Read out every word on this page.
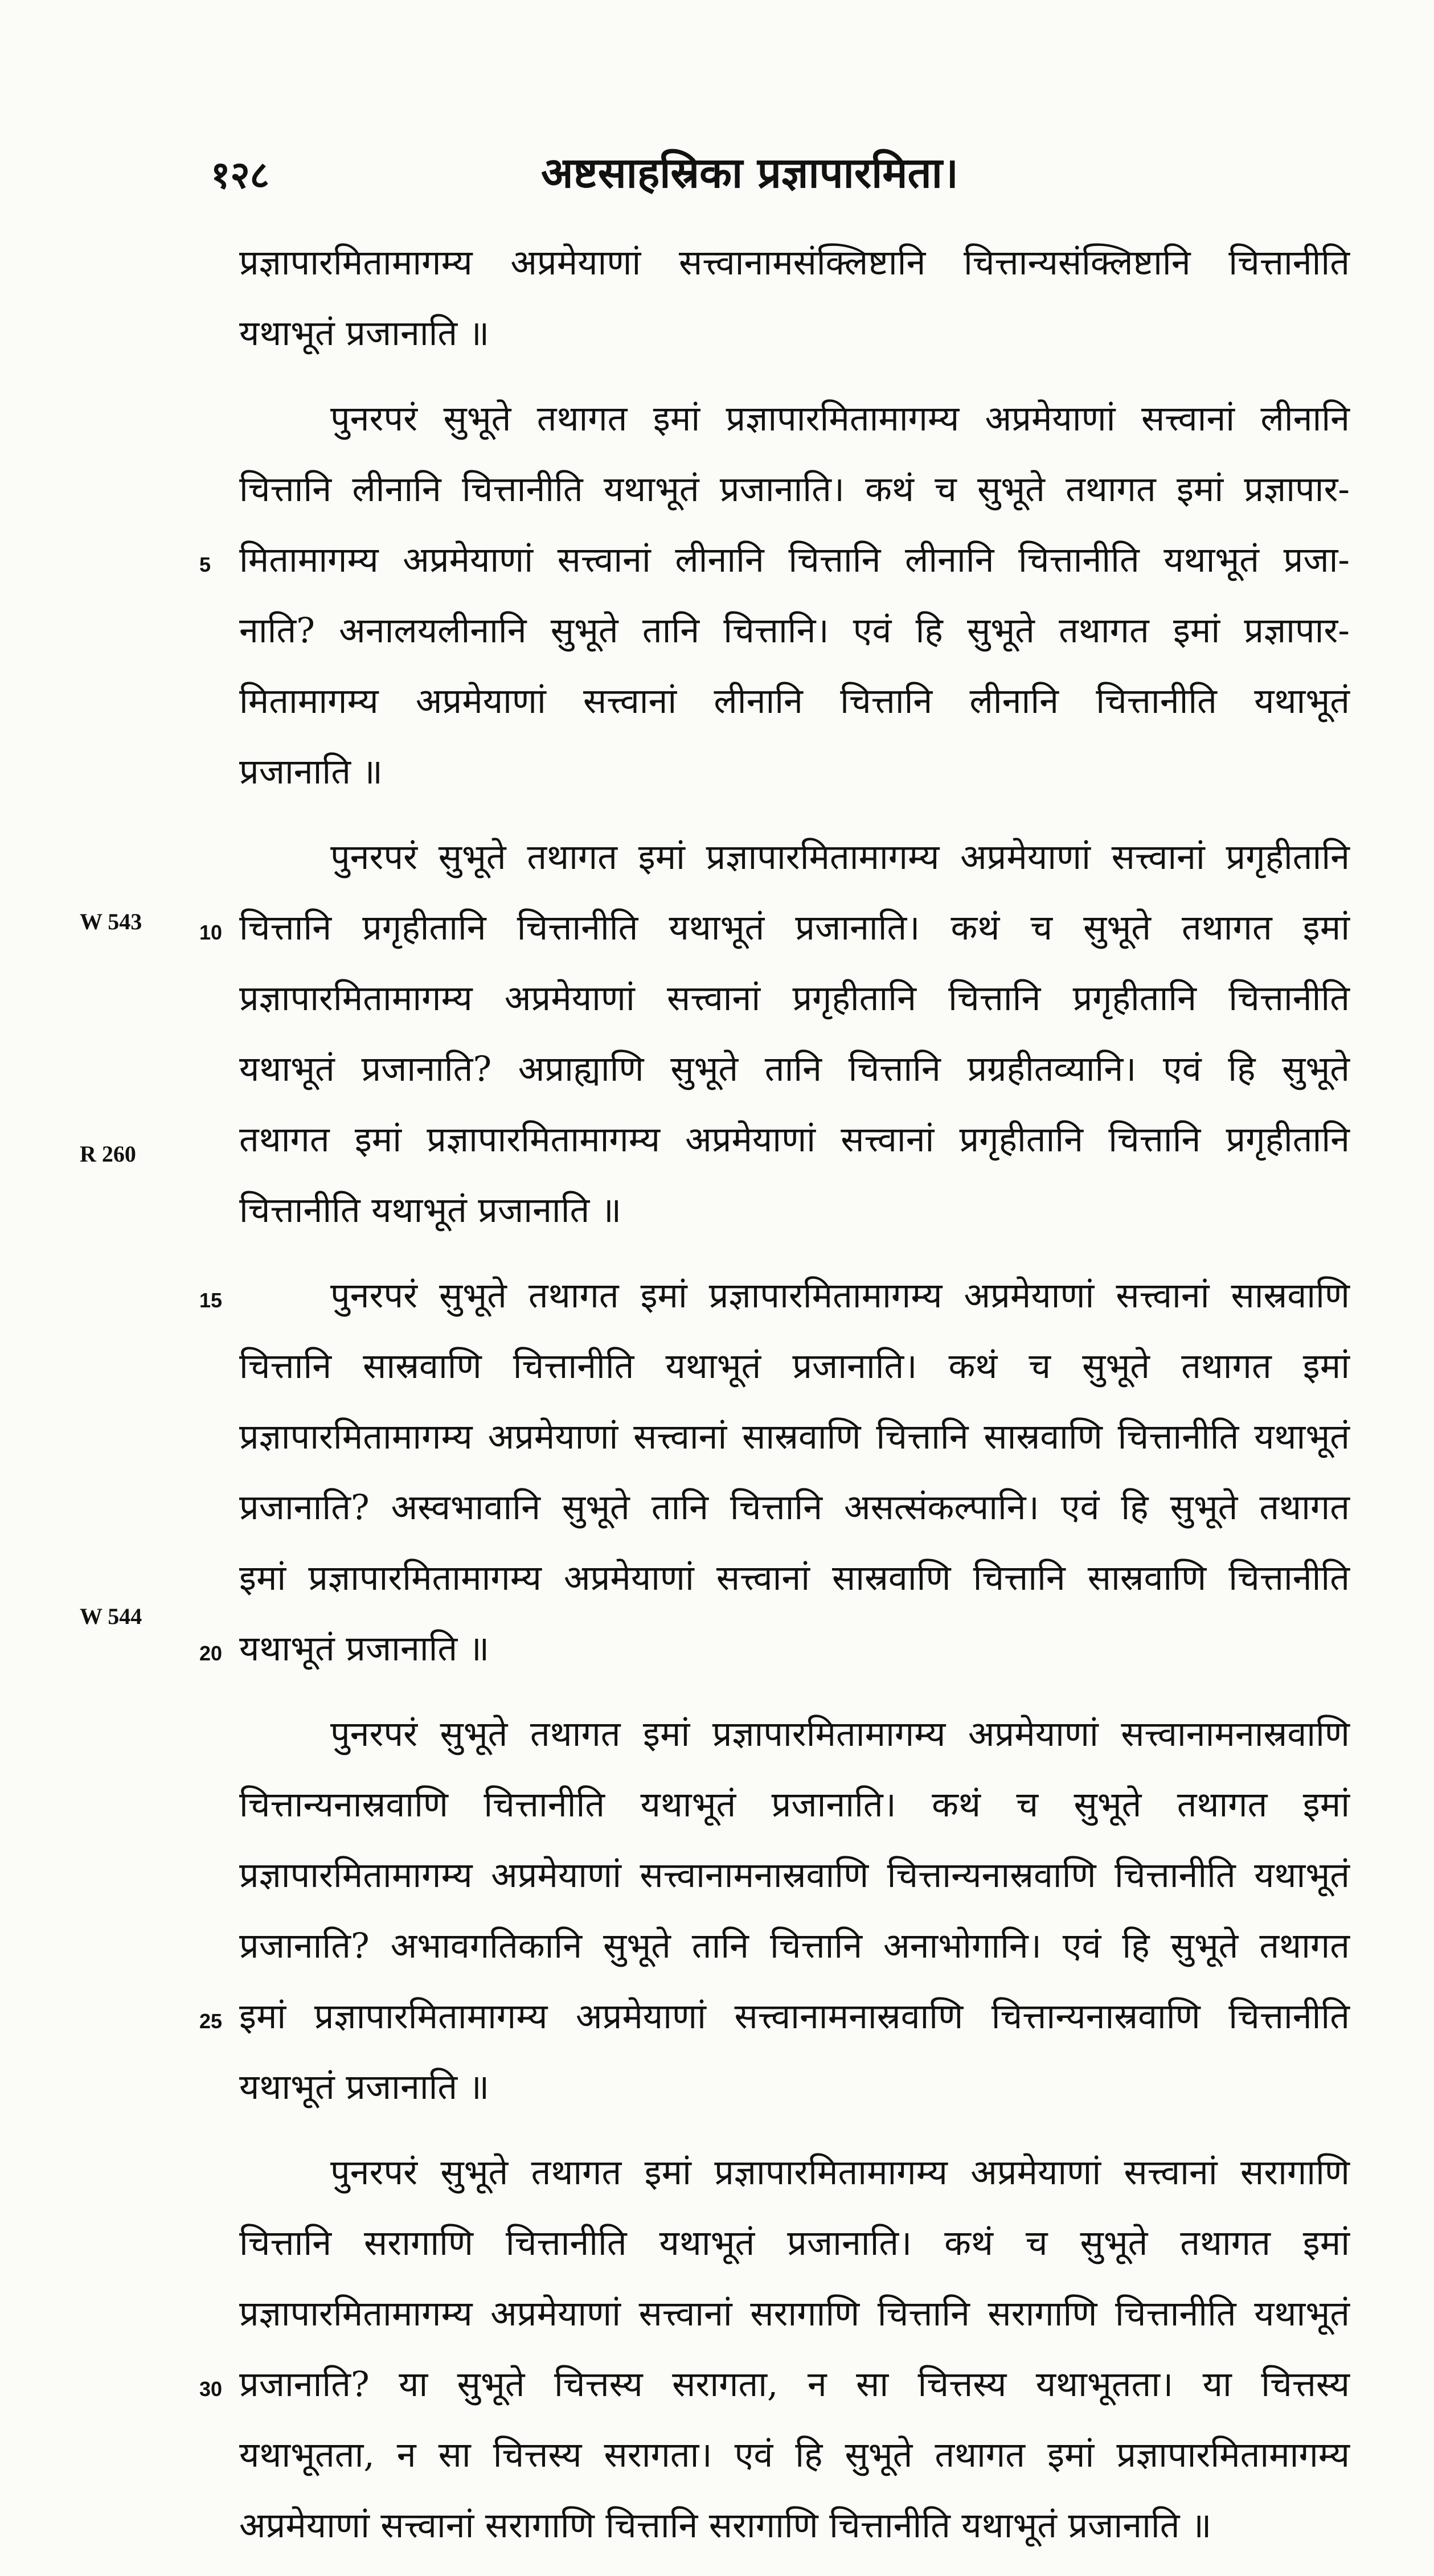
१२८	अष्टसाहस्रिका प्रज्ञापारमिता।
W 543
R 260
W 544
प्रज्ञापारमितामागम्य अप्रमेयाणां सत्त्वानामसंक्लिष्टानि चित्तान्यसंक्लिष्टानि चित्तानीति
यथाभूतं प्रजानाति ॥
पुनरपरं सुभूते तथागत इमां प्रज्ञापारमितामागम्य अप्रमेयाणां सत्त्वानां लीनानि
चित्तानि लीनानि चित्तानीति यथाभूतं प्रजानाति। कथं च सुभूते तथागत इमां प्रज्ञापार-
5 मितामागम्य अप्रमेयाणां सत्त्वानां लीनानि चित्तानि लीनानि चित्तानीति यथाभूतं प्रजा-
नाति? अनालयलीनानि सुभूते तानि चित्तानि। एवं हि सुभूते तथागत इमां प्रज्ञापार-
मितामागम्य अप्रमेयाणां सत्त्वानां लीनानि चित्तानि लीनानि चित्तानीति यथाभूतं
प्रजानाति ॥
पुनरपरं सुभूते तथागत इमां प्रज्ञापारमितामागम्य अप्रमेयाणां सत्त्वानां प्रगृहीतानि
10 चित्तानि प्रगृहीतानि चित्तानीति यथाभूतं प्रजानाति। कथं च सुभूते तथागत इमां
प्रज्ञापारमितामागम्य अप्रमेयाणां सत्त्वानां प्रगृहीतानि चित्तानि प्रगृहीतानि चित्तानीति
यथाभूतं प्रजानाति? अप्राह्याणि सुभूते तानि चित्तानि प्रग्रहीतव्यानि। एवं हि सुभूते
तथागत इमां प्रज्ञापारमितामागम्य अप्रमेयाणां सत्त्वानां प्रगृहीतानि चित्तानि प्रगृहीतानि
चित्तानीति यथाभूतं प्रजानाति ॥
15	पुनरपरं सुभूते तथागत इमां प्रज्ञापारमितामागम्य अप्रमेयाणां सत्त्वानां सास्रवाणि
चित्तानि सास्रवाणि चित्तानीति यथाभूतं प्रजानाति। कथं च सुभूते तथागत इमां
प्रज्ञापारमितामागम्य अप्रमेयाणां सत्त्वानां सास्रवाणि चित्तानि सास्रवाणि चित्तानीति यथाभूतं
प्रजानाति? अस्वभावानि सुभूते तानि चित्तानि असत्संकल्पानि। एवं हि सुभूते तथागत
इमां प्रज्ञापारमितामागम्य अप्रमेयाणां सत्त्वानां सास्रवाणि चित्तानि सास्रवाणि चित्तानीति
20 यथाभूतं प्रजानाति ॥
पुनरपरं सुभूते तथागत इमां प्रज्ञापारमितामागम्य अप्रमेयाणां सत्त्वानामनास्रवाणि
चित्तान्यनास्रवाणि चित्तानीति यथाभूतं प्रजानाति। कथं च सुभूते तथागत इमां
प्रज्ञापारमितामागम्य अप्रमेयाणां सत्त्वानामनास्रवाणि चित्तान्यनास्रवाणि चित्तानीति यथाभूतं
प्रजानाति? अभावगतिकानि सुभूते तानि चित्तानि अनाभोगानि। एवं हि सुभूते तथागत
25 इमां प्रज्ञापारमितामागम्य अप्रमेयाणां सत्त्वानामनास्रवाणि चित्तान्यनास्रवाणि चित्तानीति
यथाभूतं प्रजानाति ॥
पुनरपरं सुभूते तथागत इमां प्रज्ञापारमितामागम्य अप्रमेयाणां सत्त्वानां सरागाणि
चित्तानि सरागाणि चित्तानीति यथाभूतं प्रजानाति। कथं च सुभूते तथागत इमां
प्रज्ञापारमितामागम्य अप्रमेयाणां सत्त्वानां सरागाणि चित्तानि सरागाणि चित्तानीति यथाभूतं
30 प्रजानाति? या सुभूते चित्तस्य सरागता, न सा चित्तस्य यथाभूतता। या चित्तस्य
यथाभूतता, न सा चित्तस्य सरागता। एवं हि सुभूते तथागत इमां प्रज्ञापारमितामागम्य
अप्रमेयाणां सत्त्वानां सरागाणि चित्तानि सरागाणि चित्तानीति यथाभूतं प्रजानाति ॥
